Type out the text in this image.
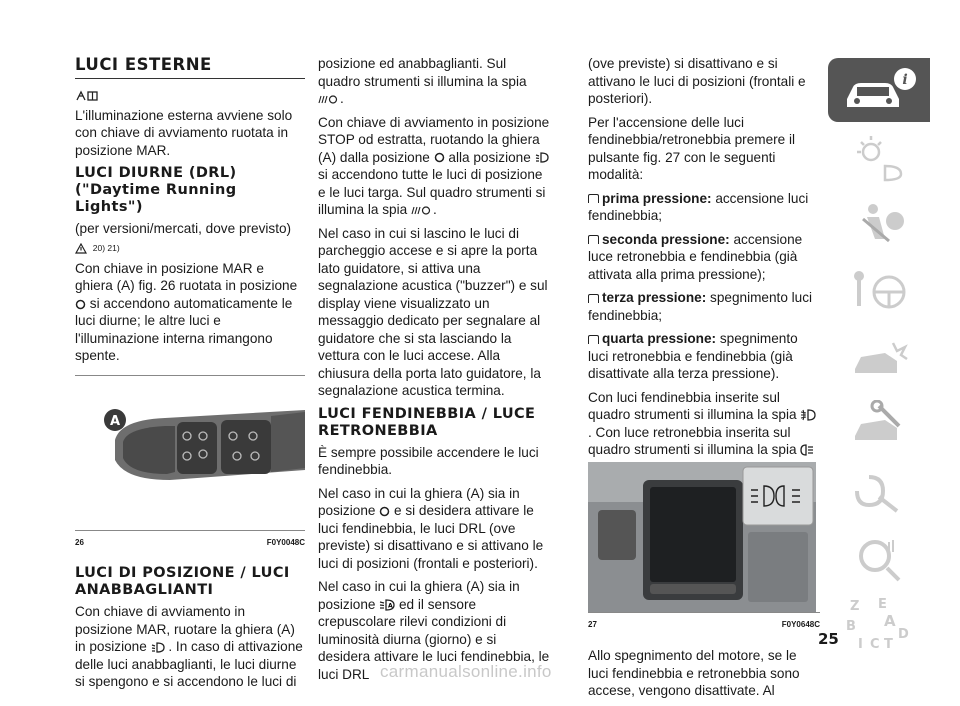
LUCI ESTERNE

L'illuminazione esterna avviene solo con chiave di avviamento ruotata in posizione MAR.

LUCI DIURNE (DRL) ("Daytime Running Lights")

(per versioni/mercati, dove previsto)

20) 21)

Con chiave in posizione MAR e ghiera (A) fig. 26 ruotata in posizione  si accendono automaticamente le luci diurne; le altre luci e l'illuminazione interna rimangono spente.

A
26	F0Y0048C
LUCI DI POSIZIONE / LUCI ANABBAGLIANTI

Con chiave di avviamento in posizione MAR, ruotare la ghiera (A) in posizione . In caso di attivazione delle luci anabbaglianti, le luci diurne si spengono e si accendono le luci di

posizione ed anabbaglianti. Sul quadro strumenti si illumina la spia .

Con chiave di avviamento in posizione STOP od estratta, ruotando la ghiera (A) dalla posizione alla posizione  si accendono tutte le luci di posizione e le luci targa. Sul quadro strumenti si illumina la spia .

Nel caso in cui si lascino le luci di parcheggio accese e si apre la porta lato guidatore, si attiva una segnalazione acustica ("buzzer") e sul display viene visualizzato un messaggio dedicato per segnalare al guidatore che si sta lasciando la vettura con le luci accese. Alla chiusura della porta lato guidatore, la segnalazione acustica termina.

LUCI FENDINEBBIA / LUCE RETRONEBBIA

È sempre possibile accendere le luci fendinebbia.

Nel caso in cui la ghiera (A) sia in posizione e si desidera attivare le luci fendinebbia, le luci DRL (ove previste) si disattivano e si attivano le luci di posizioni (frontali e posteriori).

Nel caso in cui la ghiera (A) sia in posizione A ed il sensore crepuscolare rilevi condizioni di luminosità diurna (giorno) e si desidera attivare le luci fendinebbia, le luci DRL

(ove previste) si disattivano e si attivano le luci di posizioni (frontali e posteriori).

Per l'accensione delle luci fendinebbia/retronebbia premere il pulsante fig. 27 con le seguenti modalità:

prima pressione: accensione luci fendinebbia;

seconda pressione: accensione luce retronebbia e fendinebbia (già attivata alla prima pressione);

terza pressione: spegnimento luci fendinebbia;

quarta pressione: spegnimento luci retronebbia e fendinebbia (già disattivate alla terza pressione).

Con luci fendinebbia inserite sul quadro strumenti si illumina la spia  . Con luce retronebbia inserita sul quadro strumenti si illumina la spia

27	F0Y0648C

Allo spegnimento del motore, se le luci fendinebbia e retronebbia sono accese, vengono disattivate. Al

i
Z E
B A
I C T
D
25
carmanualsonline.info
